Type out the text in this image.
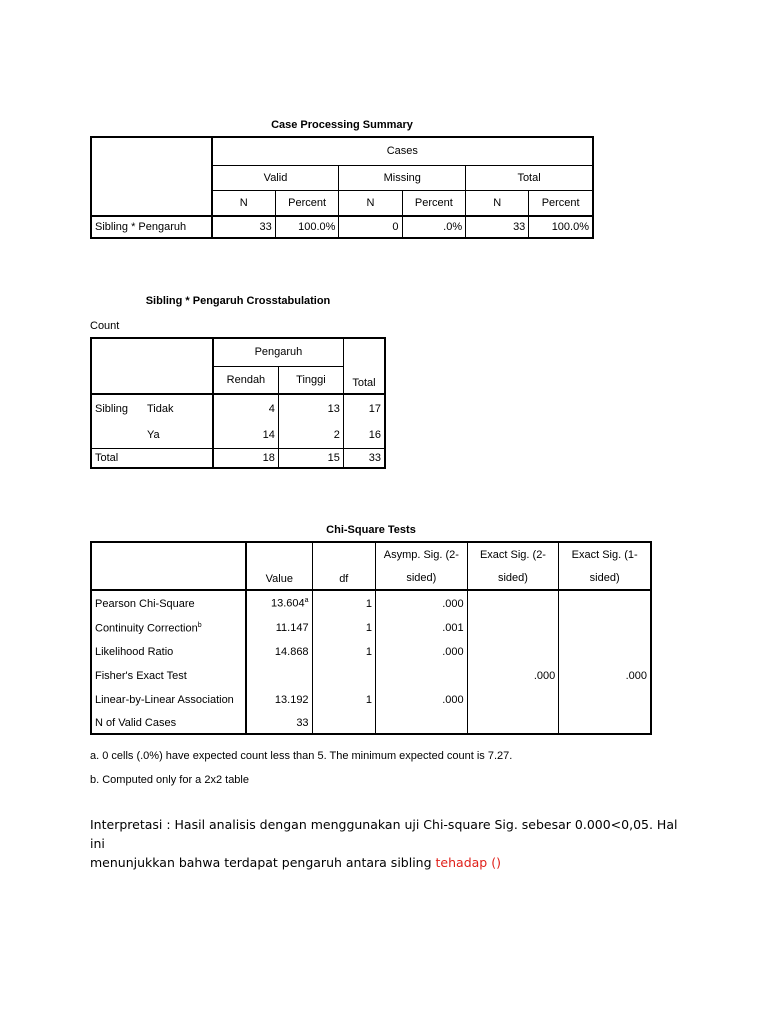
Case Processing Summary
	Cases					
	Valid		Missing		Total	
	N	Percent	N	Percent	N	Percent
Sibling * Pengaruh	33	100.0%	0	.0%	33	100.0%
Sibling * Pengaruh Crosstabulation
Count
		Pengaruh		Total
		Rendah	Tinggi	
Sibling	Tidak	4	13	17
	Ya	14	2	16
Total		18	15	33
Chi-Square Tests
	Value	df	Asymp. Sig. (2-	Exact Sig. (2-	Exact Sig. (1-
			sided)	sided)	sided)
Pearson Chi-Square	13.604$^a$	1	.000		
Continuity Correction$^b$	11.147	1	.001		
Likelihood Ratio	14.868	1	.000		
Fisher's Exact Test				.000	.000
Linear-by-Linear Association	13.192	1	.000		
N of Valid Cases	33				
a. 0 cells (.0%) have expected count less than 5. The minimum expected count is 7.27.
b. Computed only for a 2x2 table
Interpretasi : Hasil analisis dengan menggunakan uji Chi-square Sig. sebesar 0.000<0,05. Hal ini
menunjukkan bahwa terdapat pengaruh antara sibling tehadap ()
